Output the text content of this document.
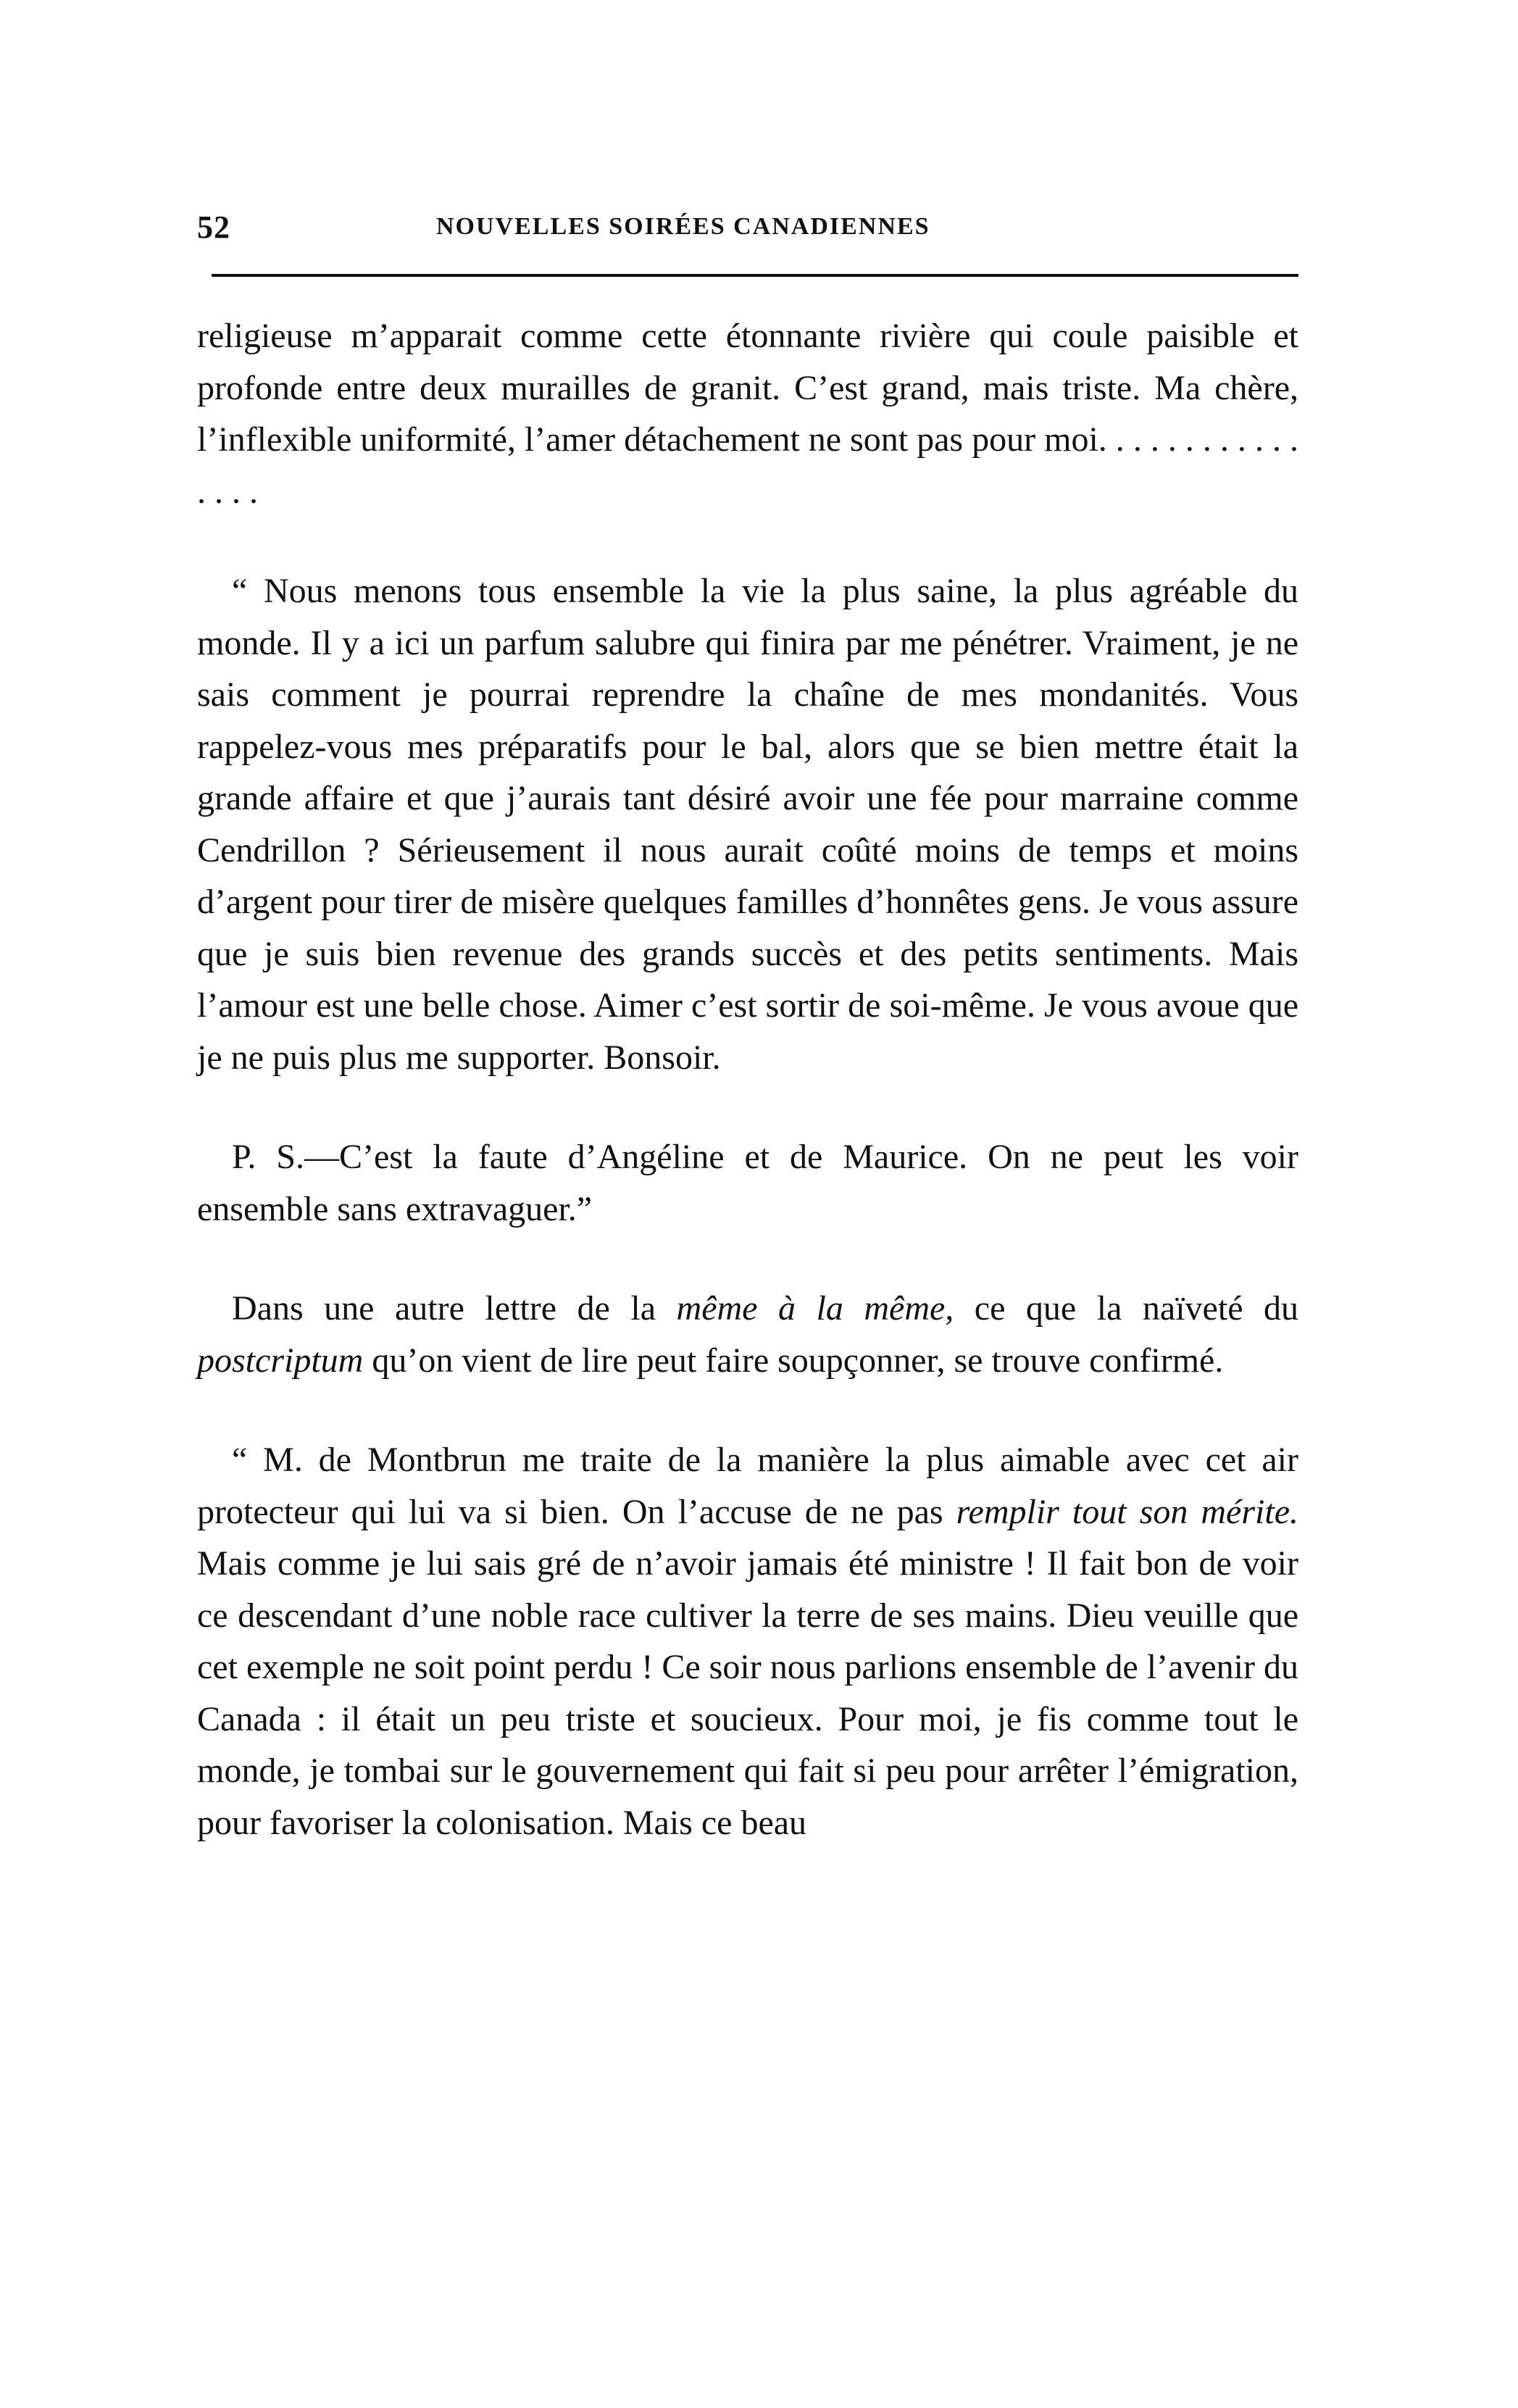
52	NOUVELLES SOIRÉES CANADIENNES

religieuse m’apparait comme cette étonnante rivière qui coule paisible et profonde entre deux murailles de granit. C’est grand, mais triste. Ma chère, l’inflexible uniformité, l’amer détachement ne sont pas pour moi. . . . . . . . . . . . . . . .

“ Nous menons tous ensemble la vie la plus saine, la plus agréable du monde. Il y a ici un parfum salubre qui finira par me pénétrer. Vraiment, je ne sais comment je pourrai reprendre la chaîne de mes mondanités. Vous rappelez-vous mes préparatifs pour le bal, alors que se bien mettre était la grande affaire et que j’aurais tant désiré avoir une fée pour marraine comme Cendrillon ? Sérieusement il nous aurait coûté moins de temps et moins d’argent pour tirer de misère quelques familles d’honnêtes gens. Je vous assure que je suis bien revenue des grands succès et des petits sentiments. Mais l’amour est une belle chose. Aimer c’est sortir de soi-même. Je vous avoue que je ne puis plus me supporter. Bonsoir.

P. S.—C’est la faute d’Angéline et de Maurice. On ne peut les voir ensemble sans extravaguer.”

Dans une autre lettre de la même à la même, ce que la naïveté du postcriptum qu’on vient de lire peut faire soupçonner, se trouve confirmé.

“ M. de Montbrun me traite de la manière la plus aimable avec cet air protecteur qui lui va si bien. On l’accuse de ne pas remplir tout son mérite. Mais comme je lui sais gré de n’avoir jamais été ministre ! Il fait bon de voir ce descendant d’une noble race cultiver la terre de ses mains. Dieu veuille que cet exemple ne soit point perdu ! Ce soir nous parlions ensemble de l’avenir du Canada : il était un peu triste et soucieux. Pour moi, je fis comme tout le monde, je tombai sur le gouvernement qui fait si peu pour arrêter l’émigration, pour favoriser la colonisation. Mais ce beau
